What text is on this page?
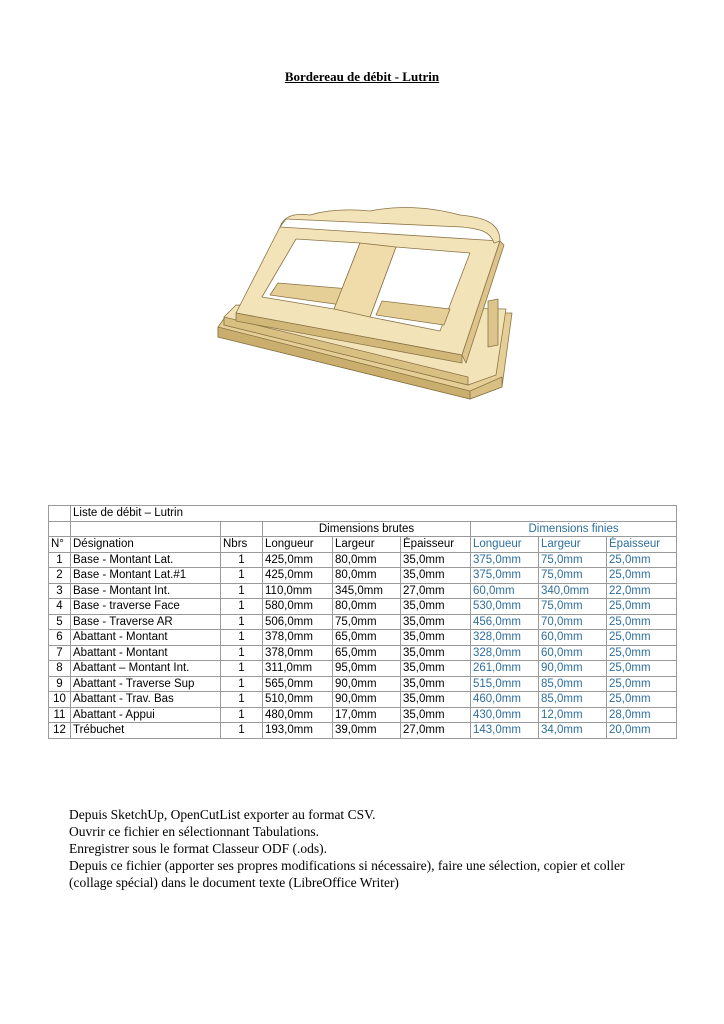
Bordereau de débit - Lutrin
	Liste de débit – Lutrin							
			Dimensions brutes			Dimensions finies		
N°	Désignation	Nbrs	Longueur	Largeur	Épaisseur	Longueur	Largeur	Épaisseur
1	Base - Montant Lat.	1	425,0mm	80,0mm	35,0mm	375,0mm	75,0mm	25,0mm
2	Base - Montant Lat.#1	1	425,0mm	80,0mm	35,0mm	375,0mm	75,0mm	25,0mm
3	Base - Montant Int.	1	110,0mm	345,0mm	27,0mm	60,0mm	340,0mm	22,0mm
4	Base - traverse Face	1	580,0mm	80,0mm	35,0mm	530,0mm	75,0mm	25,0mm
5	Base - Traverse AR	1	506,0mm	75,0mm	35,0mm	456,0mm	70,0mm	25,0mm
6	Abattant - Montant	1	378,0mm	65,0mm	35,0mm	328,0mm	60,0mm	25,0mm
7	Abattant - Montant	1	378,0mm	65,0mm	35,0mm	328,0mm	60,0mm	25,0mm
8	Abattant – Montant Int.	1	311,0mm	95,0mm	35,0mm	261,0mm	90,0mm	25,0mm
9	Abattant - Traverse Sup	1	565,0mm	90,0mm	35,0mm	515,0mm	85,0mm	25,0mm
10	Abattant - Trav. Bas	1	510,0mm	90,0mm	35,0mm	460,0mm	85,0mm	25,0mm
11	Abattant - Appui	1	480,0mm	17,0mm	35,0mm	430,0mm	12,0mm	28,0mm
12	Trébuchet	1	193,0mm	39,0mm	27,0mm	143,0mm	34,0mm	20,0mm

Depuis SketchUp, OpenCutList exporter au format CSV.

Ouvrir ce fichier en sélectionnant Tabulations.

Enregistrer sous le format Classeur ODF (.ods).

Depuis ce fichier (apporter ses propres modifications si nécessaire), faire une sélection, copier et coller (collage spécial) dans le document texte (LibreOffice Writer)
